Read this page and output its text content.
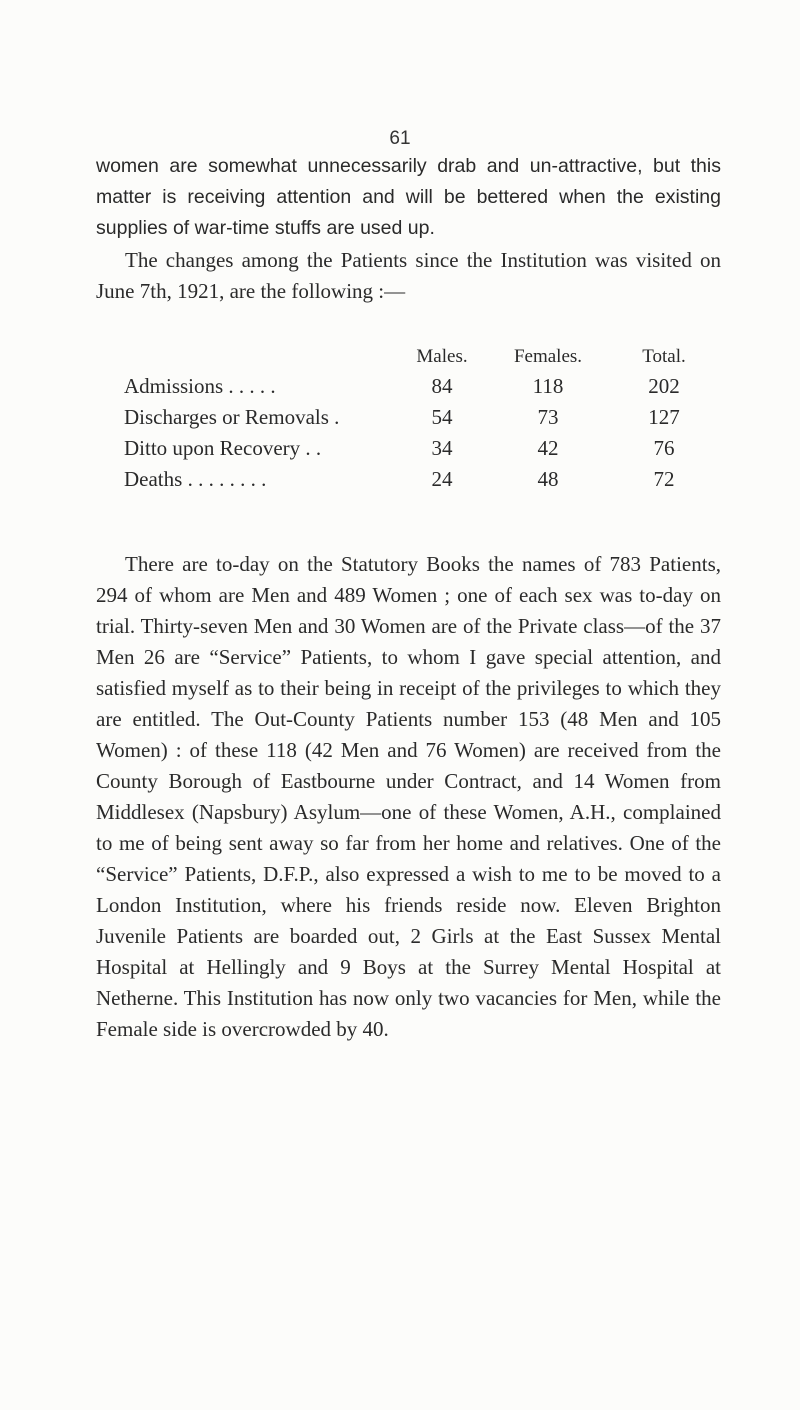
61

women are somewhat unnecessarily drab and un-attractive, but this matter is receiving attention and will be bettered when the existing supplies of war-time stuffs are used up.

The changes among the Patients since the Institution was visited on June 7th, 1921, are the following :—

	Males.	Females.	Total.
Admissions . . . . .	84	118	202
Discharges or Removals .	54	73	127
Ditto upon Recovery . .	34	42	76
Deaths . . . . . . . .	24	48	72

There are to-day on the Statutory Books the names of 783 Patients, 294 of whom are Men and 489 Women ; one of each sex was to-day on trial. Thirty-seven Men and 30 Women are of the Private class—of the 37 Men 26 are “Service” Patients, to whom I gave special attention, and satisfied myself as to their being in receipt of the privileges to which they are entitled. The Out-County Patients number 153 (48 Men and 105 Women) : of these 118 (42 Men and 76 Women) are received from the County Borough of Eastbourne under Contract, and 14 Women from Middlesex (Napsbury) Asylum—one of these Women, A.H., complained to me of being sent away so far from her home and relatives. One of the “Service” Patients, D.F.P., also expressed a wish to me to be moved to a London Institution, where his friends reside now. Eleven Brighton Juvenile Patients are boarded out, 2 Girls at the East Sussex Mental Hospital at Hellingly and 9 Boys at the Surrey Mental Hospital at Netherne. This Institution has now only two vacancies for Men, while the Female side is overcrowded by 40.
